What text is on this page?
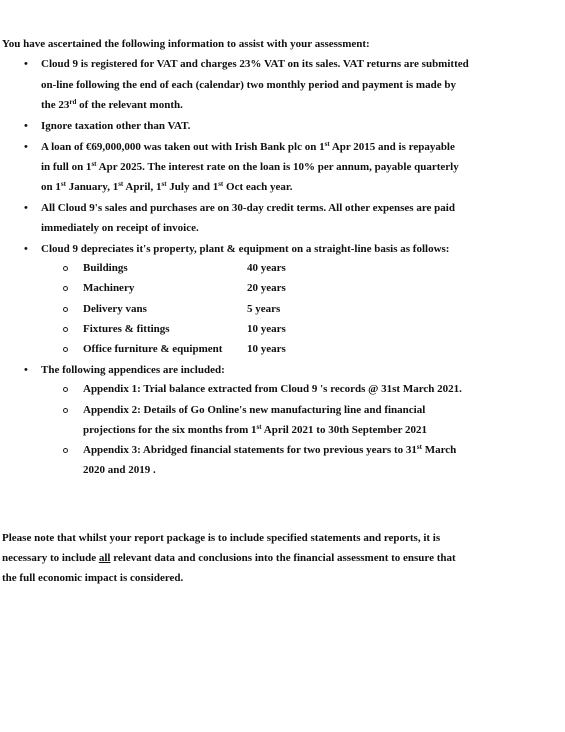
You have ascertained the following information to assist with your assessment:
• Cloud 9 is registered for VAT and charges 23% VAT on its sales. VAT returns are submitted
on-line following the end of each (calendar) two monthly period and payment is made by
the 23rd of the relevant month.
• Ignore taxation other than VAT.
• A loan of €69,000,000 was taken out with Irish Bank plc on 1st Apr 2015 and is repayable
in full on 1st Apr 2025. The interest rate on the loan is 10% per annum, payable quarterly
on 1st January, 1st April, 1st July and 1st Oct each year.
• All Cloud 9's sales and purchases are on 30-day credit terms. All other expenses are paid
immediately on receipt of invoice.
• Cloud 9 depreciates it's property, plant & equipment on a straight-line basis as follows:
Buildings	40 years
Machinery	20 years
Delivery vans	5 years
Fixtures & fittings	10 years
Office furniture & equipment 10 years
• The following appendices are included:
Appendix 1: Trial balance extracted from Cloud 9 's records @ 31st March 2021.
Appendix 2: Details of Go Online's new manufacturing line and financial
projections for the six months from 1st April 2021 to 30th September 2021
Appendix 3: Abridged financial statements for two previous years to 31st March
2020 and 2019 .
Please note that whilst your report package is to include specified statements and reports, it is
necessary to include all relevant data and conclusions into the financial assessment to ensure that
the full economic impact is considered.
